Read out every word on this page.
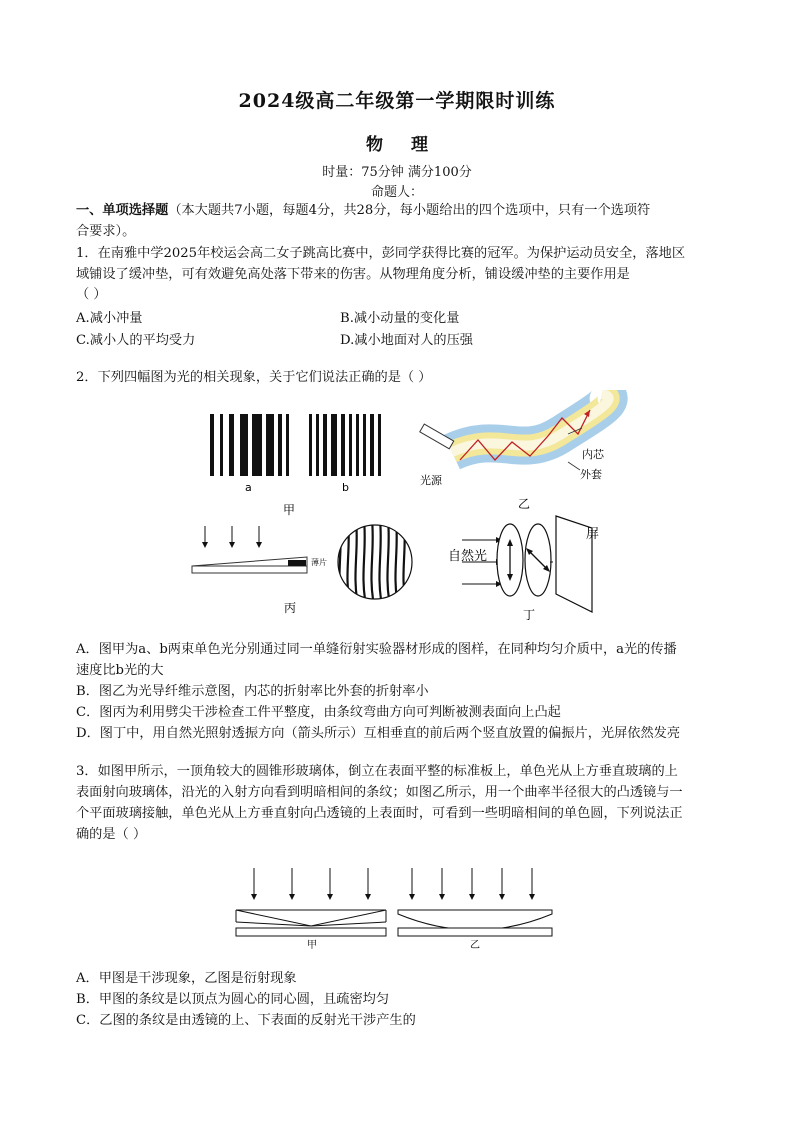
2024级高二年级第一学期限时训练
物 理
时量：75分钟 满分100分
命题人：
一、单项选择题（本大题共7小题，每题4分，共28分，每小题给出的四个选项中，只有一个选项符
合要求）。
1．在南雅中学2025年校运会高二女子跳高比赛中，彭同学获得比赛的冠军。为保护运动员安全，落地区
域铺设了缓冲垫，可有效避免高处落下带来的伤害。从物理角度分析，铺设缓冲垫的主要作用是
（ ）
A.减小冲量	B.减小动量的变化量
C.减小人的平均受力	D.减小地面对人的压强
2．下列四幅图为光的相关现象，关于它们说法正确的是（ ）
a	b
甲
光源
内芯
外套
乙
薄片
丙
自然光
屏
丁
A．图甲为a、b两束单色光分别通过同一单缝衍射实验器材形成的图样，在同种均匀介质中，a光的传播
速度比b光的大
B．图乙为光导纤维示意图，内芯的折射率比外套的折射率小
C．图丙为利用劈尖干涉检查工件平整度，由条纹弯曲方向可判断被测表面向上凸起
D．图丁中，用自然光照射透振方向（箭头所示）互相垂直的前后两个竖直放置的偏振片，光屏依然发亮
3．如图甲所示，一顶角较大的圆锥形玻璃体，倒立在表面平整的标准板上，单色光从上方垂直玻璃的上
表面射向玻璃体，沿光的入射方向看到明暗相间的条纹；如图乙所示，用一个曲率半径很大的凸透镜与一
个平面玻璃接触，单色光从上方垂直射向凸透镜的上表面时，可看到一些明暗相间的单色圆，下列说法正
确的是（ ）
甲	乙
A．甲图是干涉现象，乙图是衍射现象
B．甲图的条纹是以顶点为圆心的同心圆，且疏密均匀
C．乙图的条纹是由透镜的上、下表面的反射光干涉产生的
